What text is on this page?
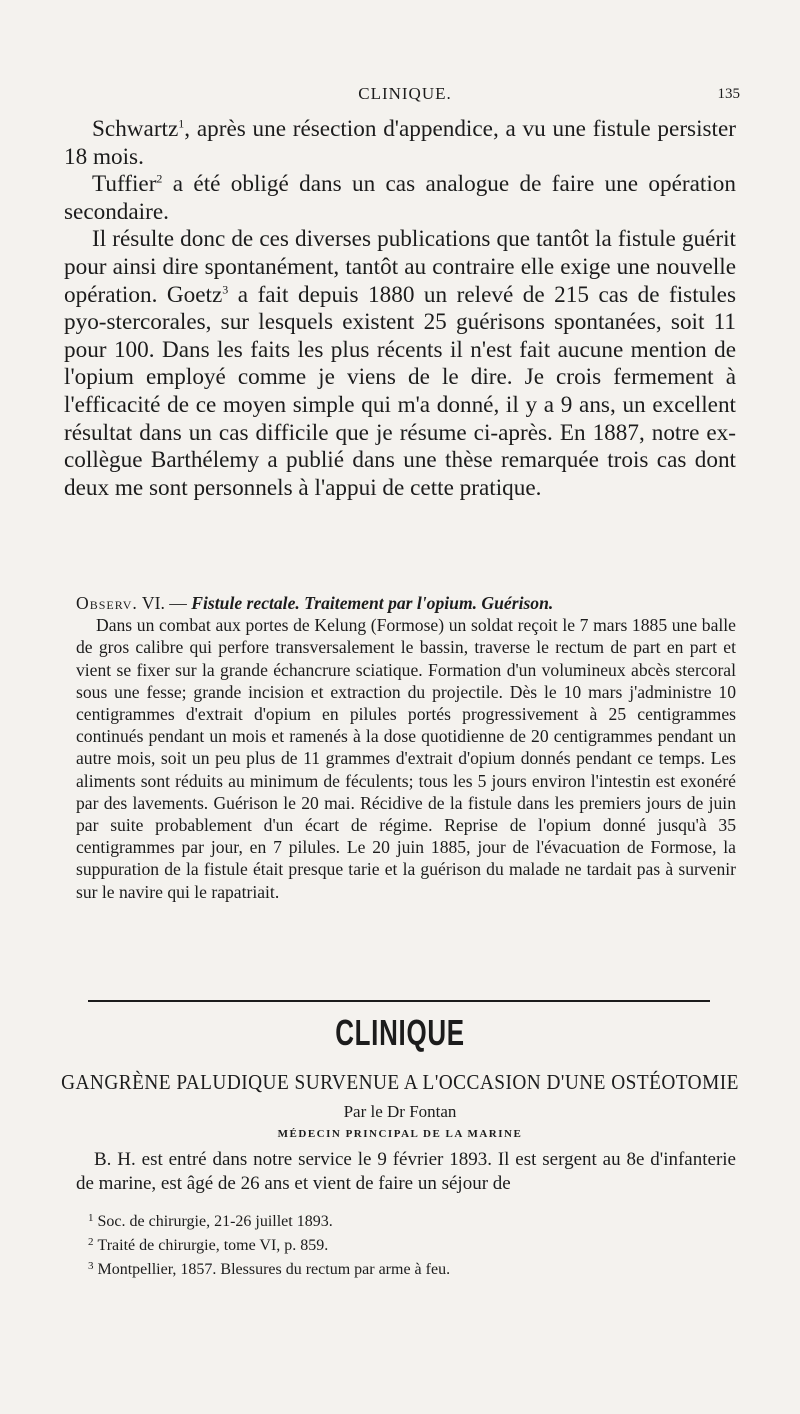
CLINIQUE.	135

Schwartz$^1$, après une résection d'appendice, a vu une fistule persister 18 mois.

Tuffier$^2$ a été obligé dans un cas analogue de faire une opération secondaire.

Il résulte donc de ces diverses publications que tantôt la fistule guérit pour ainsi dire spontanément, tantôt au contraire elle exige une nouvelle opération. Goetz$^3$ a fait depuis 1880 un relevé de 215 cas de fistules pyo-stercorales, sur lesquels existent 25 guérisons spontanées, soit 11 pour 100. Dans les faits les plus récents il n'est fait aucune mention de l'opium employé comme je viens de le dire. Je crois fermement à l'efficacité de ce moyen simple qui m'a donné, il y a 9 ans, un excellent résultat dans un cas difficile que je résume ci-après. En 1887, notre ex-collègue Barthélemy a publié dans une thèse remarquée trois cas dont deux me sont personnels à l'appui de cette pratique.

Observ. VI. — Fistule rectale. Traitement par l'opium. Guérison.

Dans un combat aux portes de Kelung (Formose) un soldat reçoit le 7 mars 1885 une balle de gros calibre qui perfore transversalement le bassin, traverse le rectum de part en part et vient se fixer sur la grande échancrure sciatique. Formation d'un volumineux abcès stercoral sous une fesse; grande incision et extraction du projectile. Dès le 10 mars j'administre 10 centigrammes d'extrait d'opium en pilules portés progressivement à 25 centigrammes continués pendant un mois et ramenés à la dose quotidienne de 20 centigrammes pendant un autre mois, soit un peu plus de 11 grammes d'extrait d'opium donnés pendant ce temps. Les aliments sont réduits au minimum de féculents; tous les 5 jours environ l'intestin est exonéré par des lavements. Guérison le 20 mai. Récidive de la fistule dans les premiers jours de juin par suite probablement d'un écart de régime. Reprise de l'opium donné jusqu'à 35 centigrammes par jour, en 7 pilules. Le 20 juin 1885, jour de l'évacuation de Formose, la suppuration de la fistule était presque tarie et la guérison du malade ne tardait pas à survenir sur le navire qui le rapatriait.

CLINIQUE
GANGRÈNE PALUDIQUE SURVENUE A L'OCCASION D'UNE OSTÉOTOMIE
Par le Dr Fontan
MÉDECIN PRINCIPAL DE LA MARINE

B. H. est entré dans notre service le 9 février 1893. Il est sergent au 8e d'infanterie de marine, est âgé de 26 ans et vient de faire un séjour de

$^1$ Soc. de chirurgie, 21-26 juillet 1893.
$^2$ Traité de chirurgie, tome VI, p. 859.
$^3$ Montpellier, 1857. Blessures du rectum par arme à feu.
